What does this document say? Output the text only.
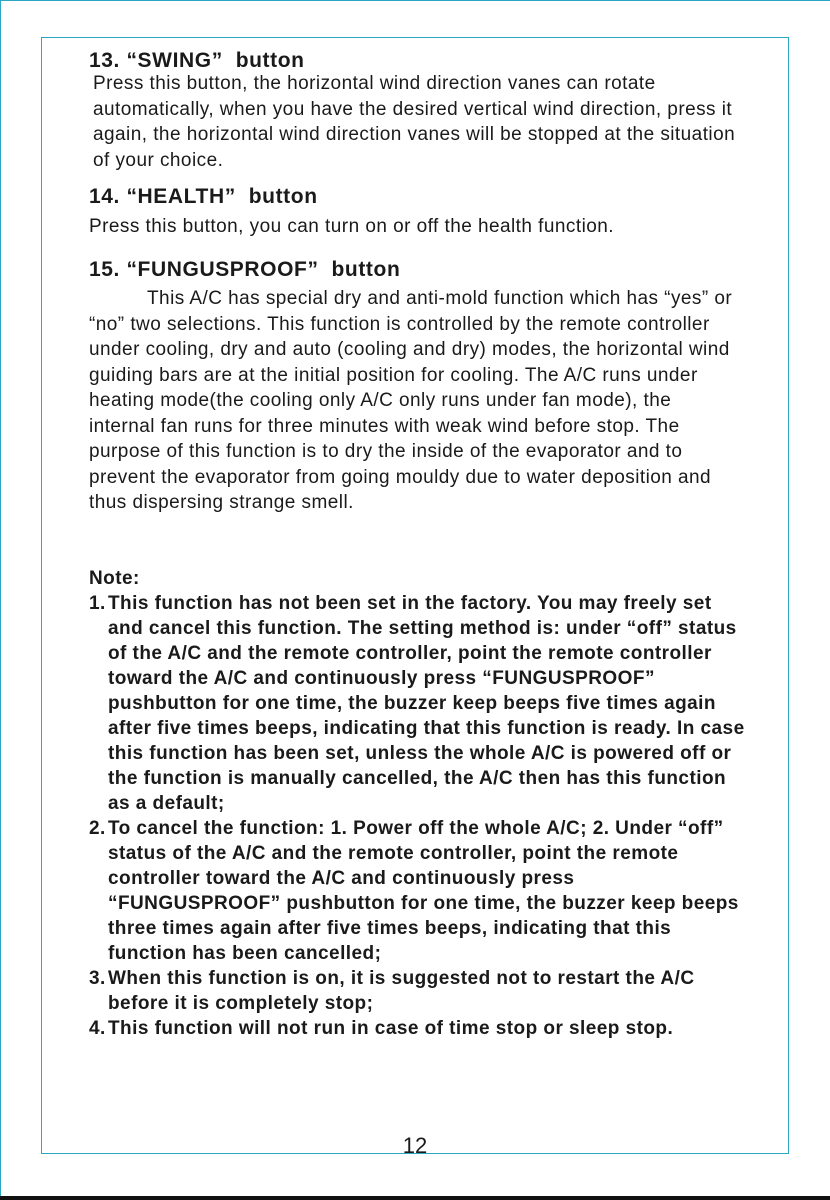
13. “SWING” button

Press this button, the horizontal wind direction vanes can rotate automatically, when you have the desired vertical wind direction, press it again, the horizontal wind direction vanes will be stopped at the situation of your choice.

14. “HEALTH” button

Press this button, you can turn on or off the health function.

15. “FUNGUSPROOF” button

This A/C has special dry and anti-mold function which has “yes” or “no” two selections. This function is controlled by the remote controller under cooling, dry and auto (cooling and dry) modes, the horizontal wind guiding bars are at the initial position for cooling. The A/C runs under heating mode(the cooling only A/C only runs under fan mode), the internal fan runs for three minutes with weak wind before stop. The purpose of this function is to dry the inside of the evaporator and to prevent the evaporator from going mouldy due to water deposition and thus dispersing strange smell.

Note:

1. This function has not been set in the factory. You may freely set and cancel this function. The setting method is: under “off” status of the A/C and the remote controller, point the remote controller toward the A/C and continuously press “FUNGUSPROOF” pushbutton for one time, the buzzer keep beeps five times again after five times beeps, indicating that this function is ready. In case this function has been set, unless the whole A/C is powered off or the function is manually cancelled, the A/C then has this function as a default;
2. To cancel the function: 1. Power off the whole A/C; 2. Under “off” status of the A/C and the remote controller, point the remote controller toward the A/C and continuously press “FUNGUSPROOF” pushbutton for one time, the buzzer keep beeps three times again after five times beeps, indicating that this function has been cancelled;
3. When this function is on, it is suggested not to restart the A/C before it is completely stop;
4. This function will not run in case of time stop or sleep stop.
12
